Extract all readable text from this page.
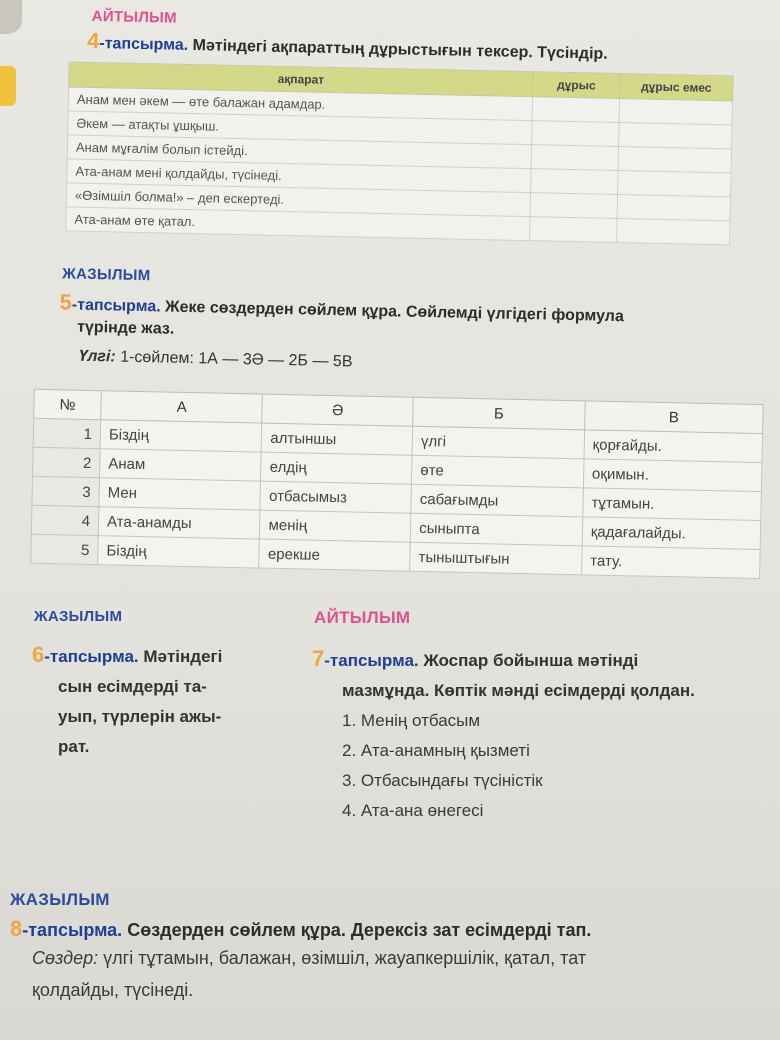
АЙТЫЛЫМ
4-тапсырма. Мәтіндегі ақпараттың дұрыстығын тексер. Түсіндір.
ақпарат	дұрыс	дұрыс емес
Анам мен әкем — өте балажан адамдар.		
Әкем — атақты ұшқыш.		
Анам мұғалім болып істейді.		
Ата-анам мені қолдайды, түсінеді.		
«Өзімшіл болма!» – деп ескертеді.		
Ата-анам өте қатал.		
ЖАЗЫЛЫМ
5-тапсырма. Жеке сөздерден сөйлем құра. Сөйлемді үлгідегі формула
түрінде жаз.
Үлгі: 1-сөйлем: 1А — 3Ә — 2Б — 5В
№	А	Ә	Б	В
1	Біздің	алтыншы	үлгі	қорғайды.
2	Анам	елдің	өте	оқимын.
3	Мен	отбасымыз	сабағымды	тұтамын.
4	Ата-анамды	менің	сыныпта	қадағалайды.
5	Біздің	ерекше	тыныштығын	тату.
ЖАЗЫЛЫМ
6-тапсырма. Мәтіндегі
сын есімдерді та-
уып, түрлерін ажы-
рат.
АЙТЫЛЫМ
7-тапсырма. Жоспар бойынша мәтінді
мазмұнда. Көптік мәнді есімдерді қолдан.
1. Менің отбасым
2. Ата-анамның қызметі
3. Отбасындағы түсіністік
4. Ата-ана өнегесі
ЖАЗЫЛЫМ
8-тапсырма. Сөздерден сөйлем құра. Дерексіз зат есімдерді тап.
Сөздер: үлгі тұтамын, балажан, өзімшіл, жауапкершілік, қатал, тат
қолдайды, түсінеді.
